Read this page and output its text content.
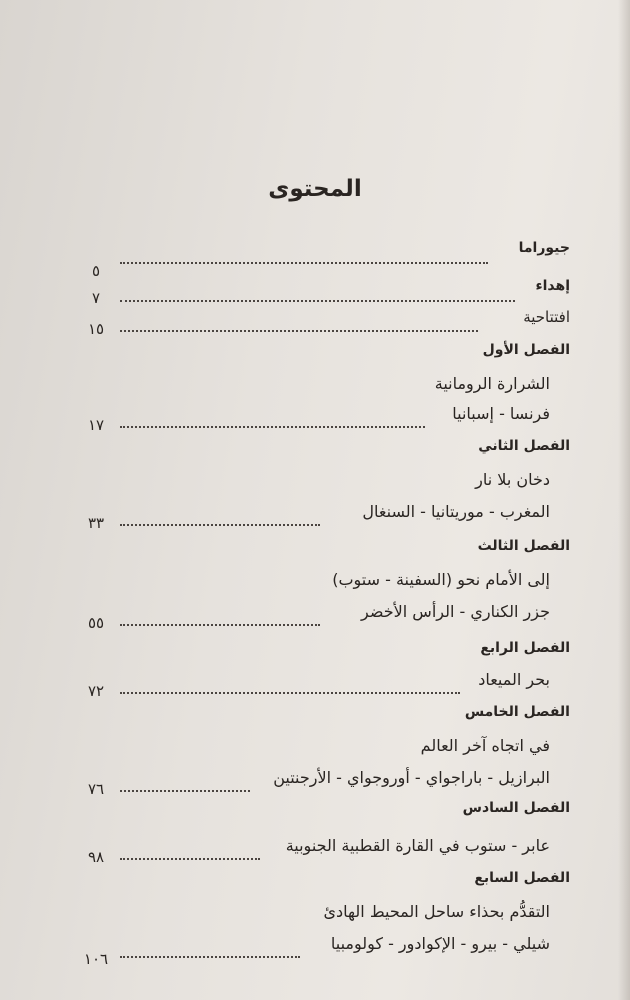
المحتوى
جيوراما
٥
إهداء
٧
افتتاحية
١٥
الفصل الأول
الشرارة الرومانية
فرنسا - إسبانيا
١٧
الفصل الثاني
دخان بلا نار
المغرب - موريتانيا - السنغال
٣٣
الفصل الثالث
إلى الأمام نحو (السفينة - ستوب)
جزر الكناري - الرأس الأخضر
٥٥
الفصل الرابع
بحر الميعاد
٧٢
الفصل الخامس
في اتجاه آخر العالم
البرازيل - باراجواي - أوروجواي - الأرجنتين
٧٦
الفصل السادس
عابر - ستوب في القارة القطبية الجنوبية
٩٨
الفصل السابع
التقدُّم بحذاء ساحل المحيط الهادئ
شيلي - بيرو - الإكوادور - كولومبيا
١٠٦
